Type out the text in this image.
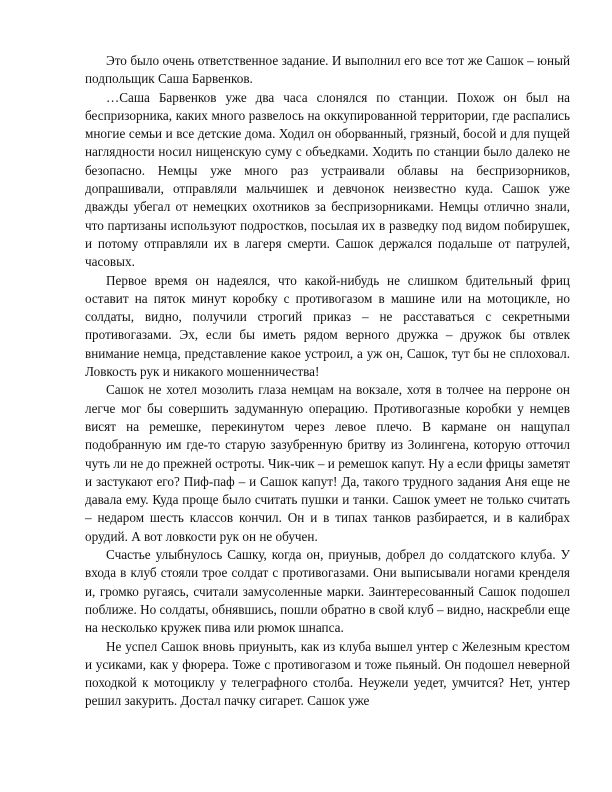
Это было очень ответственное задание. И выполнил его все тот же Сашок – юный подпольщик Саша Барвенков.

…Саша Барвенков уже два часа слонялся по станции. Похож он был на беспризорника, каких много развелось на оккупированной территории, где распались многие семьи и все детские дома. Ходил он оборванный, грязный, босой и для пущей наглядности носил нищенскую суму с объедками. Ходить по станции было далеко не безопасно. Немцы уже много раз устраивали облавы на беспризорников, допрашивали, отправляли мальчишек и девчонок неизвестно куда. Сашок уже дважды убегал от немецких охотников за беспризорниками. Немцы отлично знали, что партизаны используют подростков, посылая их в разведку под видом побирушек, и потому отправляли их в лагеря смерти. Сашок держался подальше от патрулей, часовых.

Первое время он надеялся, что какой-нибудь не слишком бдительный фриц оставит на пяток минут коробку с противогазом в машине или на мотоцикле, но солдаты, видно, получили строгий приказ – не расставаться с секретными противогазами. Эх, если бы иметь рядом верного дружка – дружок бы отвлек внимание немца, представление какое устроил, а уж он, Сашок, тут бы не сплоховал. Ловкость рук и никакого мошенничества!

Сашок не хотел мозолить глаза немцам на вокзале, хотя в толчее на перроне он легче мог бы совершить задуманную операцию. Противогазные коробки у немцев висят на ремешке, перекинутом через левое плечо. В кармане он нащупал подобранную им где-то старую зазубренную бритву из Золингена, которую отточил чуть ли не до прежней остроты. Чик-чик – и ремешок капут. Ну а если фрицы заметят и застукают его? Пиф-паф – и Сашок капут! Да, такого трудного задания Аня еще не давала ему. Куда проще было считать пушки и танки. Сашок умеет не только считать – недаром шесть классов кончил. Он и в типах танков разбирается, и в калибрах орудий. А вот ловкости рук он не обучен.

Счастье улыбнулось Сашку, когда он, приуныв, добрел до солдатского клуба. У входа в клуб стояли трое солдат с противогазами. Они выписывали ногами кренделя и, громко ругаясь, считали замусоленные марки. Заинтересованный Сашок подошел поближе. Но солдаты, обнявшись, пошли обратно в свой клуб – видно, наскребли еще на несколько кружек пива или рюмок шнапса.

Не успел Сашок вновь приуныть, как из клуба вышел унтер с Железным крестом и усиками, как у фюрера. Тоже с противогазом и тоже пьяный. Он подошел неверной походкой к мотоциклу у телеграфного столба. Неужели уедет, умчится? Нет, унтер решил закурить. Достал пачку сигарет. Сашок уже
